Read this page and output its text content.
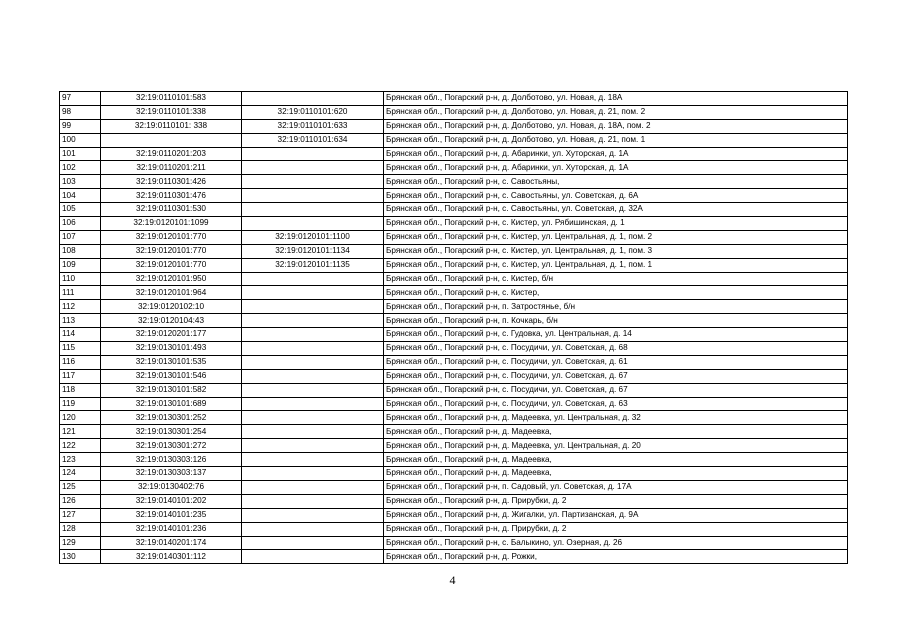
97	32:19:0110101:583		Брянская обл., Погарский р-н, д. Долботово, ул. Новая, д. 18А
98	32:19:0110101:338	32:19:0110101:620	Брянская обл., Погарский р-н, д. Долботово, ул. Новая, д. 21, пом. 2
99	32:19:0110101: 338	32:19:0110101:633	Брянская обл., Погарский р-н, д. Долботово, ул. Новая, д. 18А, пом. 2
100		32:19:0110101:634	Брянская обл., Погарский р-н, д. Долботово, ул. Новая, д. 21, пом. 1
101	32:19:0110201:203		Брянская обл., Погарский р-н, д. Абаринки, ул. Хуторская, д. 1А
102	32:19:0110201:211		Брянская обл., Погарский р-н, д. Абаринки, ул. Хуторская, д. 1А
103	32:19:0110301:426		Брянская обл., Погарский р-н, с. Савостьяны,
104	32:19:0110301:476		Брянская обл., Погарский р-н, с. Савостьяны, ул. Советская, д. 6А
105	32:19:0110301:530		Брянская обл., Погарский р-н, с. Савостьяны, ул. Советская, д. 32А
106	32:19:0120101:1099		Брянская обл., Погарский р-н, с. Кистер, ул. Рябишинская, д. 1
107	32:19:0120101:770	32:19:0120101:1100	Брянская обл., Погарский р-н, с. Кистер, ул. Центральная, д. 1, пом. 2
108	32:19:0120101:770	32:19:0120101:1134	Брянская обл., Погарский р-н, с. Кистер, ул. Центральная, д. 1, пом. 3
109	32:19:0120101:770	32:19:0120101:1135	Брянская обл., Погарский р-н, с. Кистер, ул. Центральная, д. 1, пом. 1
110	32:19:0120101:950		Брянская обл., Погарский р-н, с. Кистер, б/н
111	32:19:0120101:964		Брянская обл., Погарский р-н, с. Кистер,
112	32:19:0120102:10		Брянская обл., Погарский р-н, п. Затростянье, б/н
113	32:19:0120104:43		Брянская обл., Погарский р-н, п. Кочкарь, б/н
114	32:19:0120201:177		Брянская обл., Погарский р-н, с. Гудовка, ул. Центральная, д. 14
115	32:19:0130101:493		Брянская обл., Погарский р-н, с. Посудичи, ул. Советская, д. 68
116	32:19:0130101:535		Брянская обл., Погарский р-н, с. Посудичи, ул. Советская, д. 61
117	32:19:0130101:546		Брянская обл., Погарский р-н, с. Посудичи, ул. Советская, д. 67
118	32:19:0130101:582		Брянская обл., Погарский р-н, с. Посудичи, ул. Советская, д. 67
119	32:19:0130101:689		Брянская обл., Погарский р-н, с. Посудичи, ул. Советская, д. 63
120	32:19:0130301:252		Брянская обл., Погарский р-н, д. Мадеевка, ул. Центральная, д. 32
121	32:19:0130301:254		Брянская обл., Погарский р-н, д. Мадеевка,
122	32:19:0130301:272		Брянская обл., Погарский р-н, д. Мадеевка, ул. Центральная, д. 20
123	32:19:0130303:126		Брянская обл., Погарский р-н, д. Мадеевка,
124	32:19:0130303:137		Брянская обл., Погарский р-н, д. Мадеевка,
125	32:19:0130402:76		Брянская обл., Погарский р-н, п. Садовый, ул. Советская, д. 17А
126	32:19:0140101:202		Брянская обл., Погарский р-н, д. Прирубки, д. 2
127	32:19:0140101:235		Брянская обл., Погарский р-н, д. Жигалки, ул. Партизанская, д. 9А
128	32:19:0140101:236		Брянская обл., Погарский р-н, д. Прирубки, д. 2
129	32:19:0140201:174		Брянская обл., Погарский р-н, с. Балыкино, ул. Озерная, д. 26
130	32:19:0140301:112		Брянская обл., Погарский р-н, д. Рожки,
4
